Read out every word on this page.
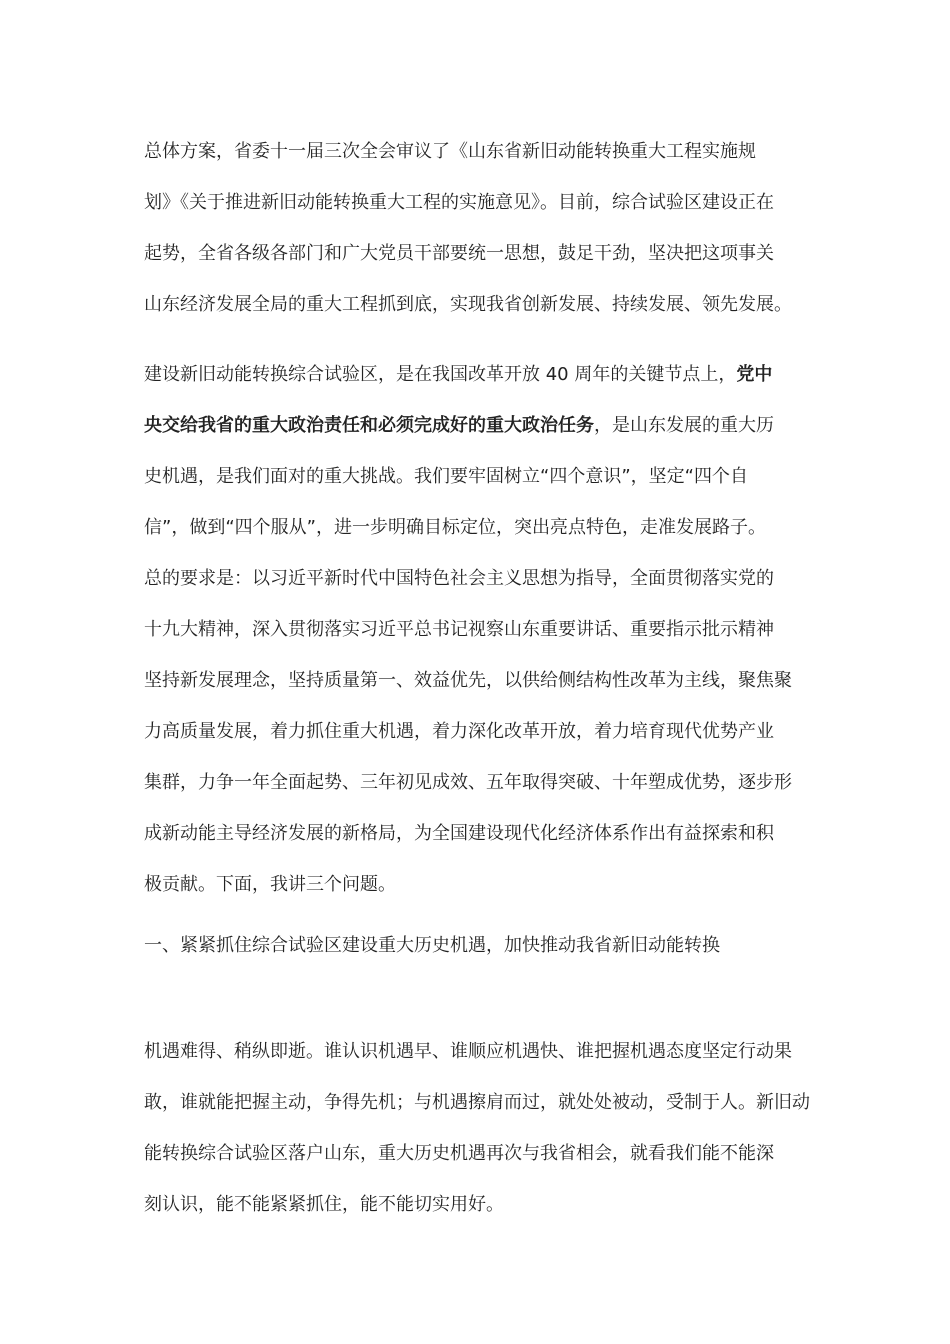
总体方案，省委十一届三次全会审议了《山东省新旧动能转换重大工程实施规
划》《关于推进新旧动能转换重大工程的实施意见》。目前，综合试验区建设正在
起势，全省各级各部门和广大党员干部要统一思想，鼓足干劲，坚决把这项事关
山东经济发展全局的重大工程抓到底，实现我省创新发展、持续发展、领先发展。
建设新旧动能转换综合试验区，是在我国改革开放 40 周年的关键节点上，党中
央交给我省的重大政治责任和必须完成好的重大政治任务，是山东发展的重大历
史机遇，是我们面对的重大挑战。我们要牢固树立“四个意识”，坚定“四个自
信”，做到“四个服从”，进一步明确目标定位，突出亮点特色，走准发展路子。
总的要求是：以习近平新时代中国特色社会主义思想为指导，全面贯彻落实党的
十九大精神，深入贯彻落实习近平总书记视察山东重要讲话、重要指示批示精神
坚持新发展理念，坚持质量第一、效益优先，以供给侧结构性改革为主线，聚焦聚
力高质量发展，着力抓住重大机遇，着力深化改革开放，着力培育现代优势产业
集群，力争一年全面起势、三年初见成效、五年取得突破、十年塑成优势，逐步形
成新动能主导经济发展的新格局，为全国建设现代化经济体系作出有益探索和积
极贡献。下面，我讲三个问题。
一、紧紧抓住综合试验区建设重大历史机遇，加快推动我省新旧动能转换
机遇难得、稍纵即逝。谁认识机遇早、谁顺应机遇快、谁把握机遇态度坚定行动果
敢，谁就能把握主动，争得先机；与机遇擦肩而过，就处处被动，受制于人。新旧动
能转换综合试验区落户山东，重大历史机遇再次与我省相会，就看我们能不能深
刻认识，能不能紧紧抓住，能不能切实用好。
